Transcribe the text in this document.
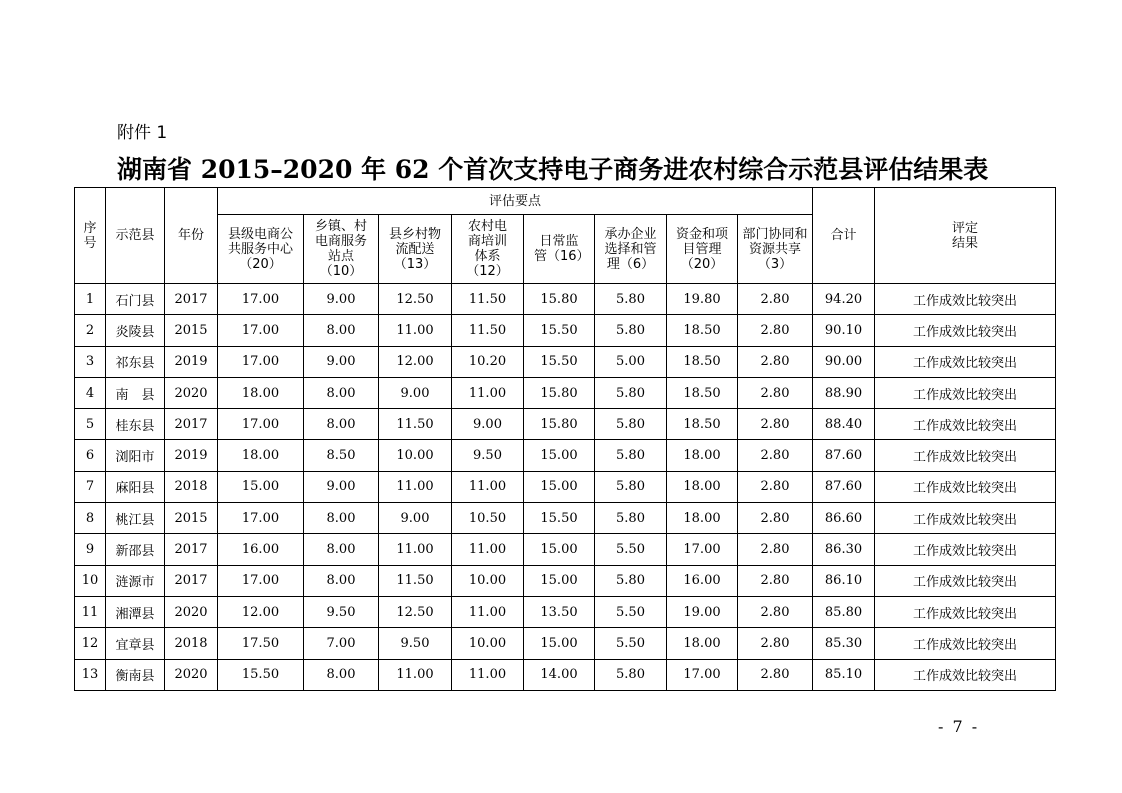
附件 1
湖南省 2015–2020 年 62 个首次支持电子商务进农村综合示范县评估结果表
序号	示范县	年份	评估要点								合计	评定结果
			县级电商公共服务中心（20）	乡镇、村电商服务站点（10）	县乡村物流配送（13）	农村电商培训体系（12）	日常监管（16）	承办企业选择和管理（6）	资金和项目管理（20）	部门协同和资源共享（3）		
1	石门县	2017	17.00	9.00	12.50	11.50	15.80	5.80	19.80	2.80	94.20	工作成效比较突出
2	炎陵县	2015	17.00	8.00	11.00	11.50	15.50	5.80	18.50	2.80	90.10	工作成效比较突出
3	祁东县	2019	17.00	9.00	12.00	10.20	15.50	5.00	18.50	2.80	90.00	工作成效比较突出
4	南　县	2020	18.00	8.00	9.00	11.00	15.80	5.80	18.50	2.80	88.90	工作成效比较突出
5	桂东县	2017	17.00	8.00	11.50	9.00	15.80	5.80	18.50	2.80	88.40	工作成效比较突出
6	浏阳市	2019	18.00	8.50	10.00	9.50	15.00	5.80	18.00	2.80	87.60	工作成效比较突出
7	麻阳县	2018	15.00	9.00	11.00	11.00	15.00	5.80	18.00	2.80	87.60	工作成效比较突出
8	桃江县	2015	17.00	8.00	9.00	10.50	15.50	5.80	18.00	2.80	86.60	工作成效比较突出
9	新邵县	2017	16.00	8.00	11.00	11.00	15.00	5.50	17.00	2.80	86.30	工作成效比较突出
10	涟源市	2017	17.00	8.00	11.50	10.00	15.00	5.80	16.00	2.80	86.10	工作成效比较突出
11	湘潭县	2020	12.00	9.50	12.50	11.00	13.50	5.50	19.00	2.80	85.80	工作成效比较突出
12	宜章县	2018	17.50	7.00	9.50	10.00	15.00	5.50	18.00	2.80	85.30	工作成效比较突出
13	衡南县	2020	15.50	8.00	11.00	11.00	14.00	5.80	17.00	2.80	85.10	工作成效比较突出
- 7 -
